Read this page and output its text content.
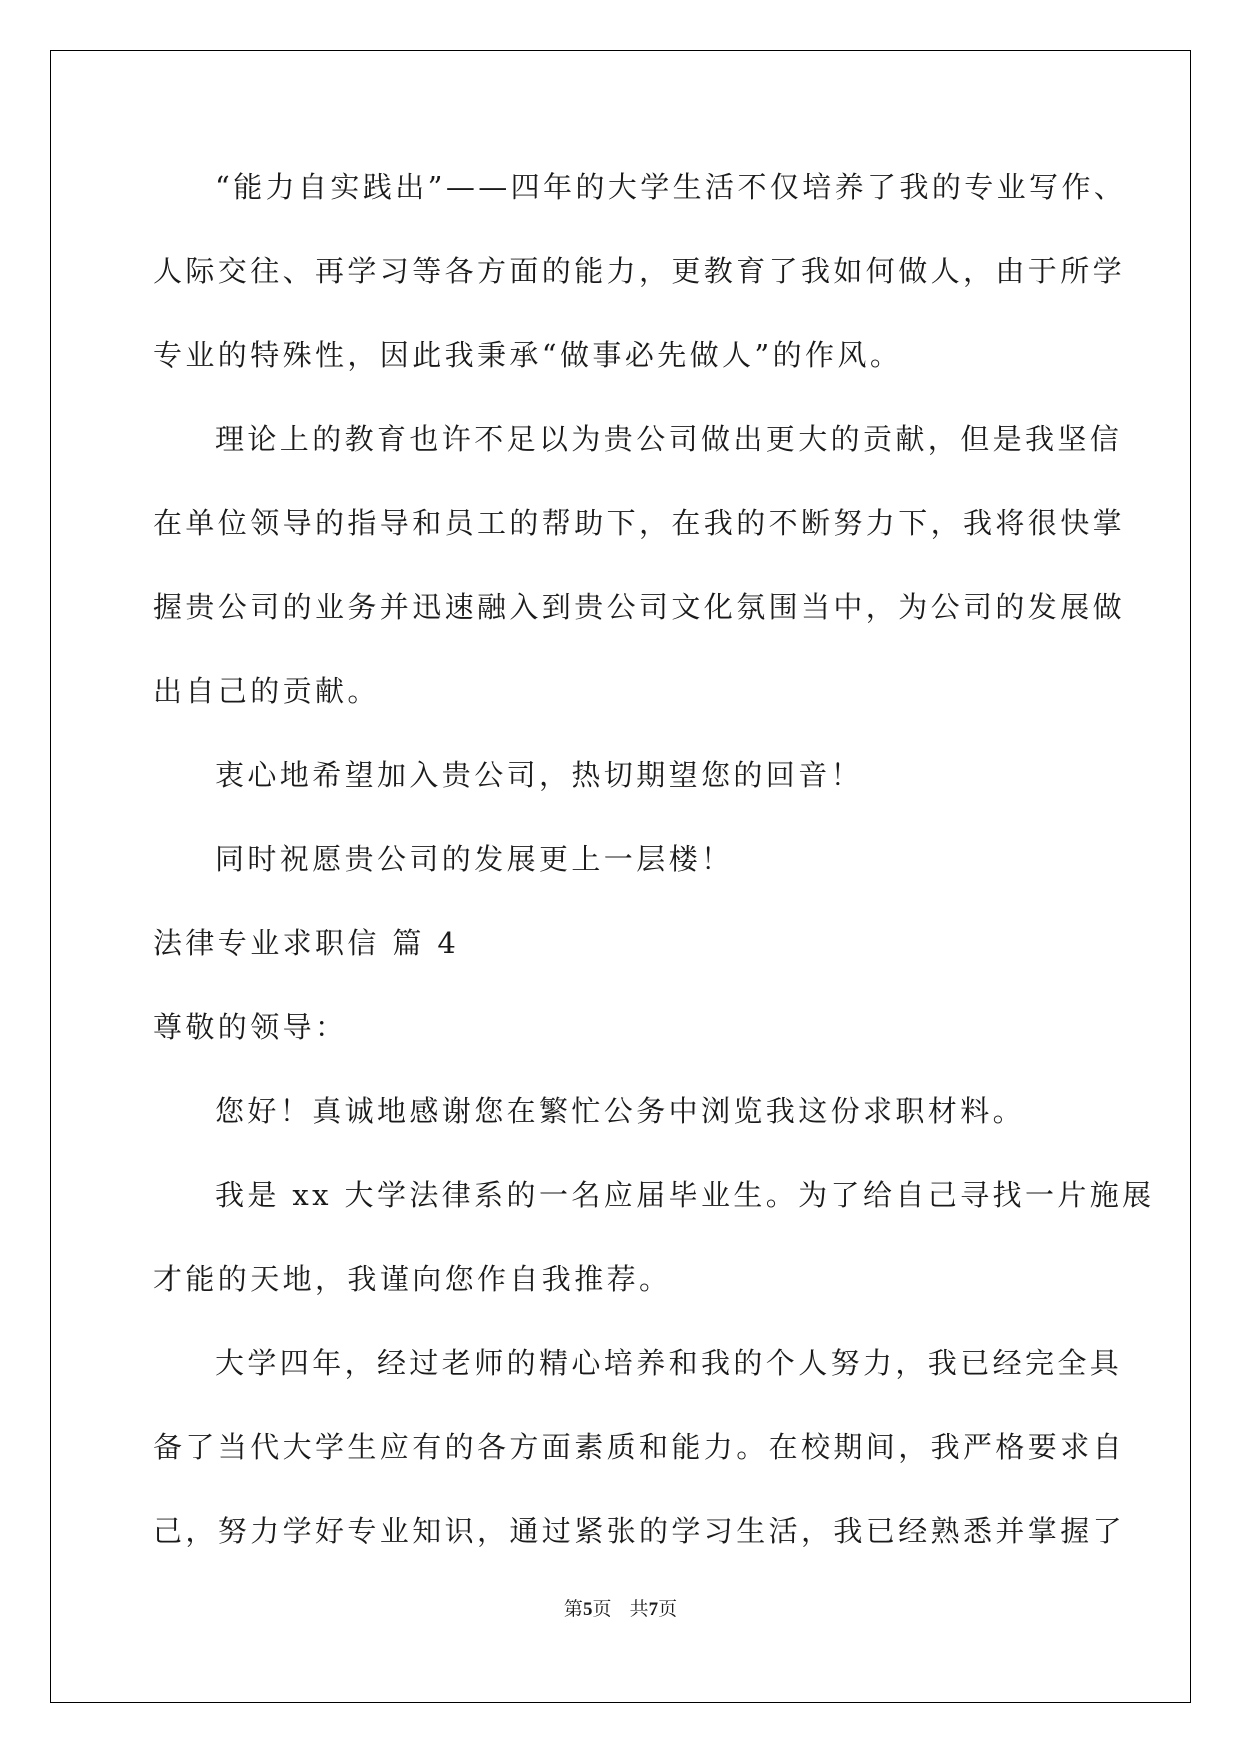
“能力自实践出”——四年的大学生活不仅培养了我的专业写作、
人际交往、再学习等各方面的能力，更教育了我如何做人，由于所学
专业的特殊性，因此我秉承“做事必先做人”的作风。
理论上的教育也许不足以为贵公司做出更大的贡献，但是我坚信
在单位领导的指导和员工的帮助下，在我的不断努力下，我将很快掌
握贵公司的业务并迅速融入到贵公司文化氛围当中，为公司的发展做
出自己的贡献。
衷心地希望加入贵公司，热切期望您的回音！
同时祝愿贵公司的发展更上一层楼！
法律专业求职信 篇 4
尊敬的领导：
您好！真诚地感谢您在繁忙公务中浏览我这份求职材料。
我是 xx 大学法律系的一名应届毕业生。为了给自己寻找一片施展
才能的天地，我谨向您作自我推荐。
大学四年，经过老师的精心培养和我的个人努力，我已经完全具
备了当代大学生应有的各方面素质和能力。在校期间，我严格要求自
己，努力学好专业知识，通过紧张的学习生活，我已经熟悉并掌握了
第5页   共7页
